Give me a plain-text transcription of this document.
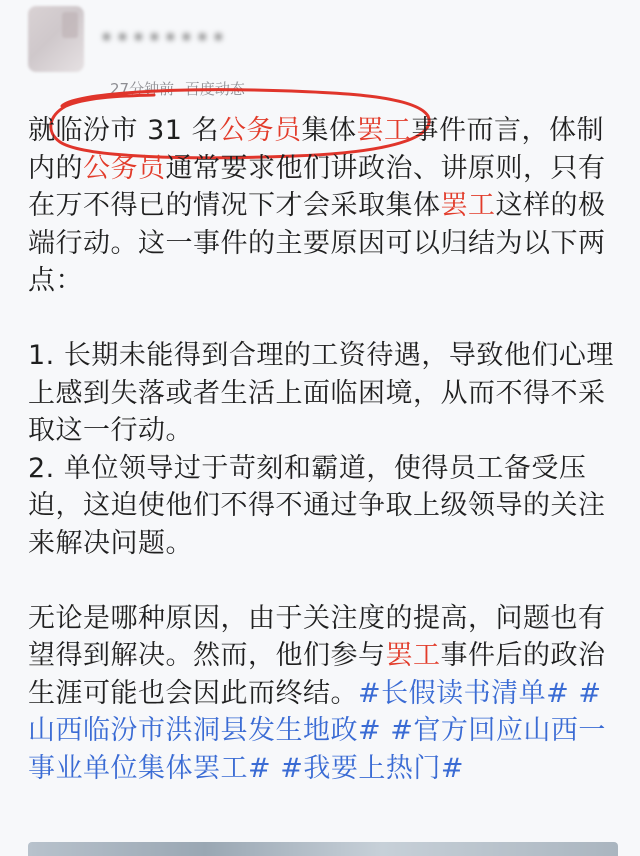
••••••••
27分钟前 百度动态

就临汾市 31 名公务员集体罢工事件而言，体制内的公务员通常要求他们讲政治、讲原则，只有在万不得已的情况下才会采取集体罢工这样的极端行动。这一事件的主要原因可以归结为以下两点：

1. 长期未能得到合理的工资待遇，导致他们心理上感到失落或者生活上面临困境，从而不得不采取这一行动。

2. 单位领导过于苛刻和霸道，使得员工备受压迫，这迫使他们不得不通过争取上级领导的关注来解决问题。

无论是哪种原因，由于关注度的提高，问题也有望得到解决。然而，他们参与罢工事件后的政治生涯可能也会因此而终结。#长假读书清单# #山西临汾市洪洞县发生地政# #官方回应山西一事业单位集体罢工# #我要上热门#
